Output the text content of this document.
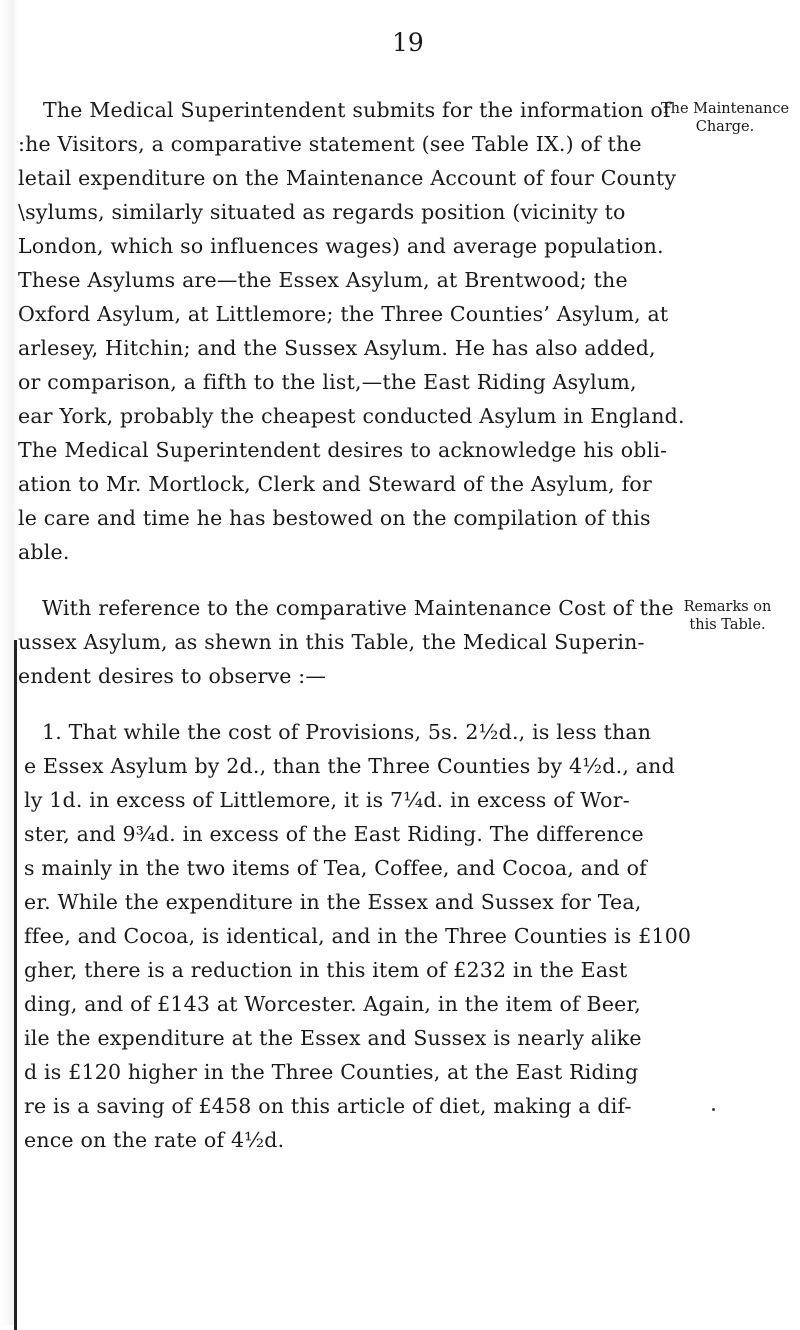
19
The Medical Superintendent submits for the information of
:he Visitors, a comparative statement (see Table IX.) of the
letail expenditure on the Maintenance Account of four County
\sylums, similarly situated as regards position (vicinity to
London, which so influences wages) and average population.
These Asylums are—the Essex Asylum, at Brentwood; the
Oxford Asylum, at Littlemore; the Three Counties’ Asylum, at
arlesey, Hitchin; and the Sussex Asylum. He has also added,
or comparison, a fifth to the list,—the East Riding Asylum,
ear York, probably the cheapest conducted Asylum in England.
The Medical Superintendent desires to acknowledge his obli-
ation to Mr. Mortlock, Clerk and Steward of the Asylum, for
le care and time he has bestowed on the compilation of this
able.
The Maintenance
Charge.
With reference to the comparative Maintenance Cost of the
ussex Asylum, as shewn in this Table, the Medical Superin-
endent desires to observe :—
Remarks on
this Table.
1. That while the cost of Provisions, 5s. 2½d., is less than
e Essex Asylum by 2d., than the Three Counties by 4½d., and
ly 1d. in excess of Littlemore, it is 7¼d. in excess of Wor-
ster, and 9¾d. in excess of the East Riding. The difference
s mainly in the two items of Tea, Coffee, and Cocoa, and of
er. While the expenditure in the Essex and Sussex for Tea,
ffee, and Cocoa, is identical, and in the Three Counties is £100
gher, there is a reduction in this item of £232 in the East
ding, and of £143 at Worcester. Again, in the item of Beer,
ile the expenditure at the Essex and Sussex is nearly alike
d is £120 higher in the Three Counties, at the East Riding
re is a saving of £458 on this article of diet, making a dif-
ence on the rate of 4½d.
